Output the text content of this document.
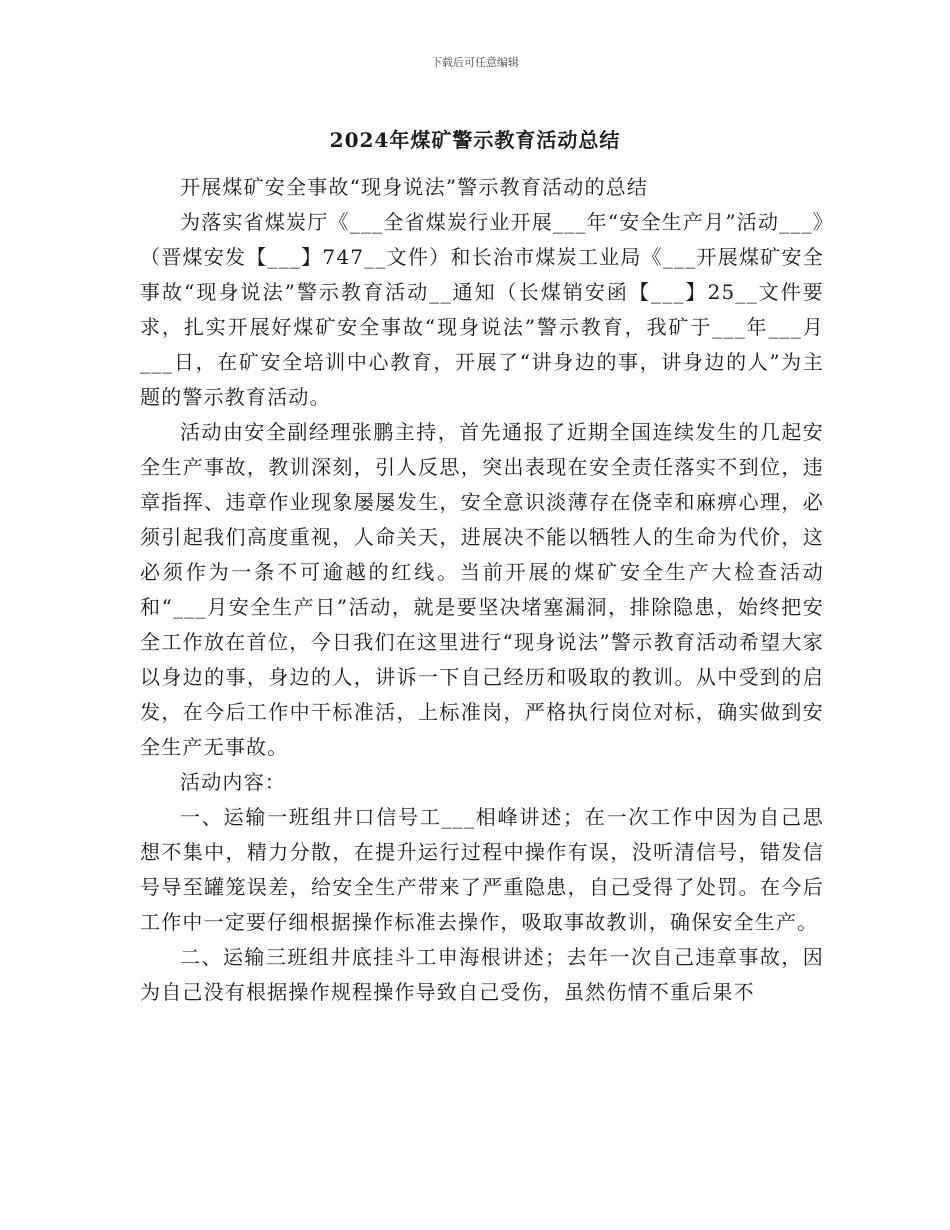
下载后可任意编辑
2024年煤矿警示教育活动总结

开展煤矿安全事故“现身说法”警示教育活动的总结

为落实省煤炭厅《___全省煤炭行业开展___年“安全生产月”活动___》（晋煤安发【___】747__文件）和长治市煤炭工业局《___开展煤矿安全事故“现身说法”警示教育活动__通知（长煤销安函【___】25__文件要求，扎实开展好煤矿安全事故“现身说法”警示教育，我矿于___年___月___日，在矿安全培训中心教育，开展了“讲身边的事，讲身边的人”为主题的警示教育活动。

活动由安全副经理张鹏主持，首先通报了近期全国连续发生的几起安全生产事故，教训深刻，引人反思，突出表现在安全责任落实不到位，违章指挥、违章作业现象屡屡发生，安全意识淡薄存在侥幸和麻痹心理，必须引起我们高度重视，人命关天，进展决不能以牺牲人的生命为代价，这必须作为一条不可逾越的红线。当前开展的煤矿安全生产大检查活动和“___月安全生产日”活动，就是要坚决堵塞漏洞，排除隐患，始终把安全工作放在首位，今日我们在这里进行“现身说法”警示教育活动希望大家以身边的事，身边的人，讲诉一下自己经历和吸取的教训。从中受到的启发，在今后工作中干标准活，上标准岗，严格执行岗位对标，确实做到安全生产无事故。

活动内容：

一、运输一班组井口信号工___相峰讲述；在一次工作中因为自己思想不集中，精力分散，在提升运行过程中操作有误，没听清信号，错发信号导至罐笼误差，给安全生产带来了严重隐患，自己受得了处罚。在今后工作中一定要仔细根据操作标准去操作，吸取事故教训，确保安全生产。

二、运输三班组井底挂斗工申海根讲述；去年一次自己违章事故，因为自己没有根据操作规程操作导致自己受伤，虽然伤情不重后果不
